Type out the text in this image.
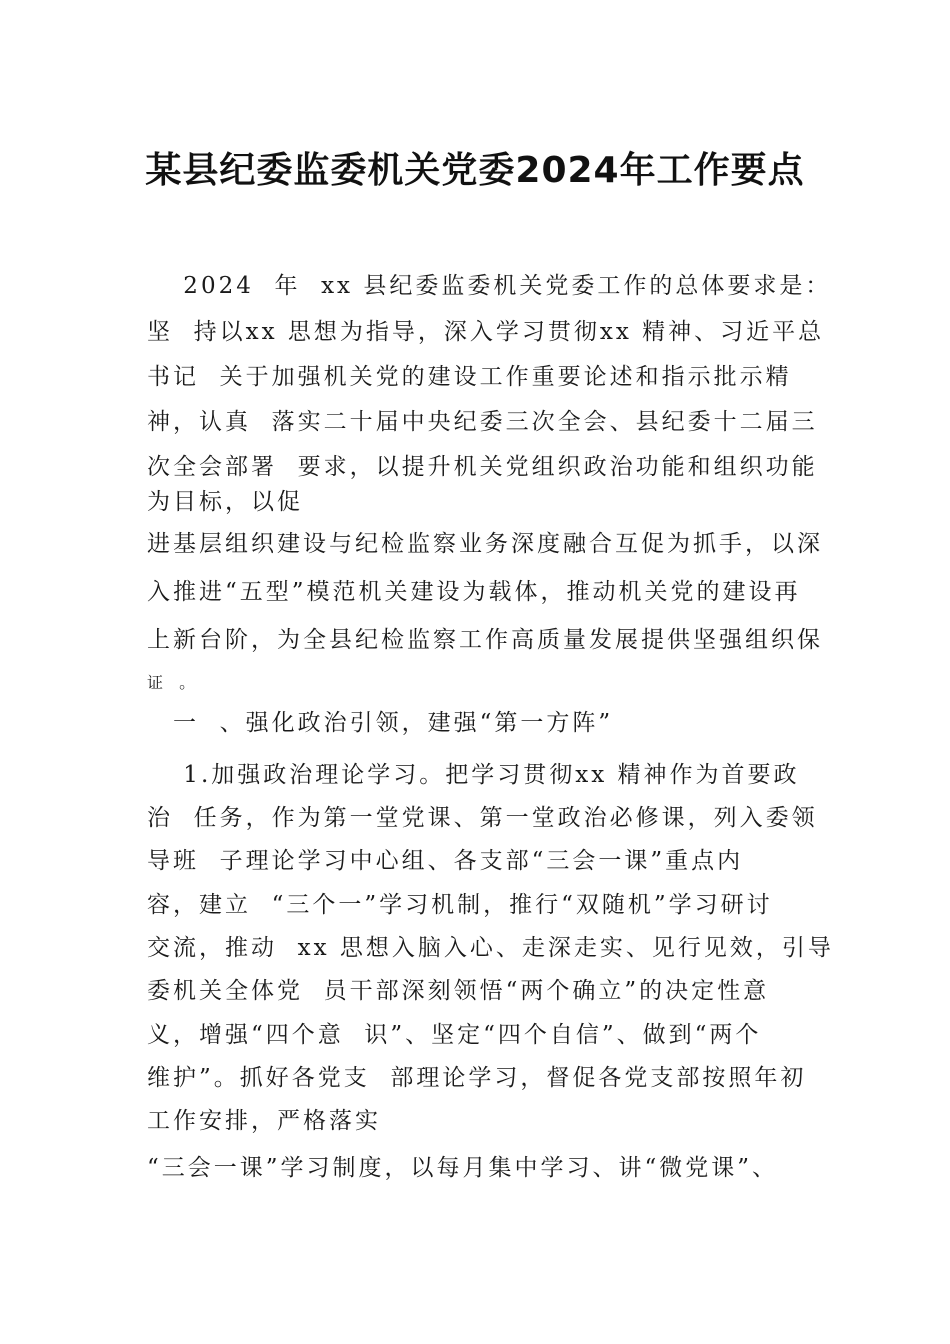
某县纪委监委机关党委2024年工作要点
　 2024  年  xx 县纪委监委机关党委工作的总体要求是：
坚  持以xx 思想为指导，深入学习贯彻xx 精神、习近平总
书记  关于加强机关党的建设工作重要论述和指示批示精
神，认真  落实二十届中央纪委三次全会、县纪委十二届三
次全会部署  要求，以提升机关党组织政治功能和组织功能
为目标，以促
进基层组织建设与纪检监察业务深度融合互促为抓手，以深
入推进“五型”模范机关建设为载体，推动机关党的建设再
上新台阶，为全县纪检监察工作高质量发展提供坚强组织保
证  。
　一  、强化政治引领，建强“第一方阵”
　 1.加强政治理论学习。把学习贯彻xx 精神作为首要政
治  任务，作为第一堂党课、第一堂政治必修课，列入委领
导班  子理论学习中心组、各支部“三会一课”重点内
容，建立  “三个一”学习机制，推行“双随机”学习研讨
交流，推动  xx 思想入脑入心、走深走实、见行见效，引导
委机关全体党  员干部深刻领悟“两个确立”的决定性意
义，增强“四个意  识”、坚定“四个自信”、做到“两个
维护”。抓好各党支  部理论学习，督促各党支部按照年初
工作安排，严格落实
“三会一课”学习制度，以每月集中学习、讲“微党课”、
